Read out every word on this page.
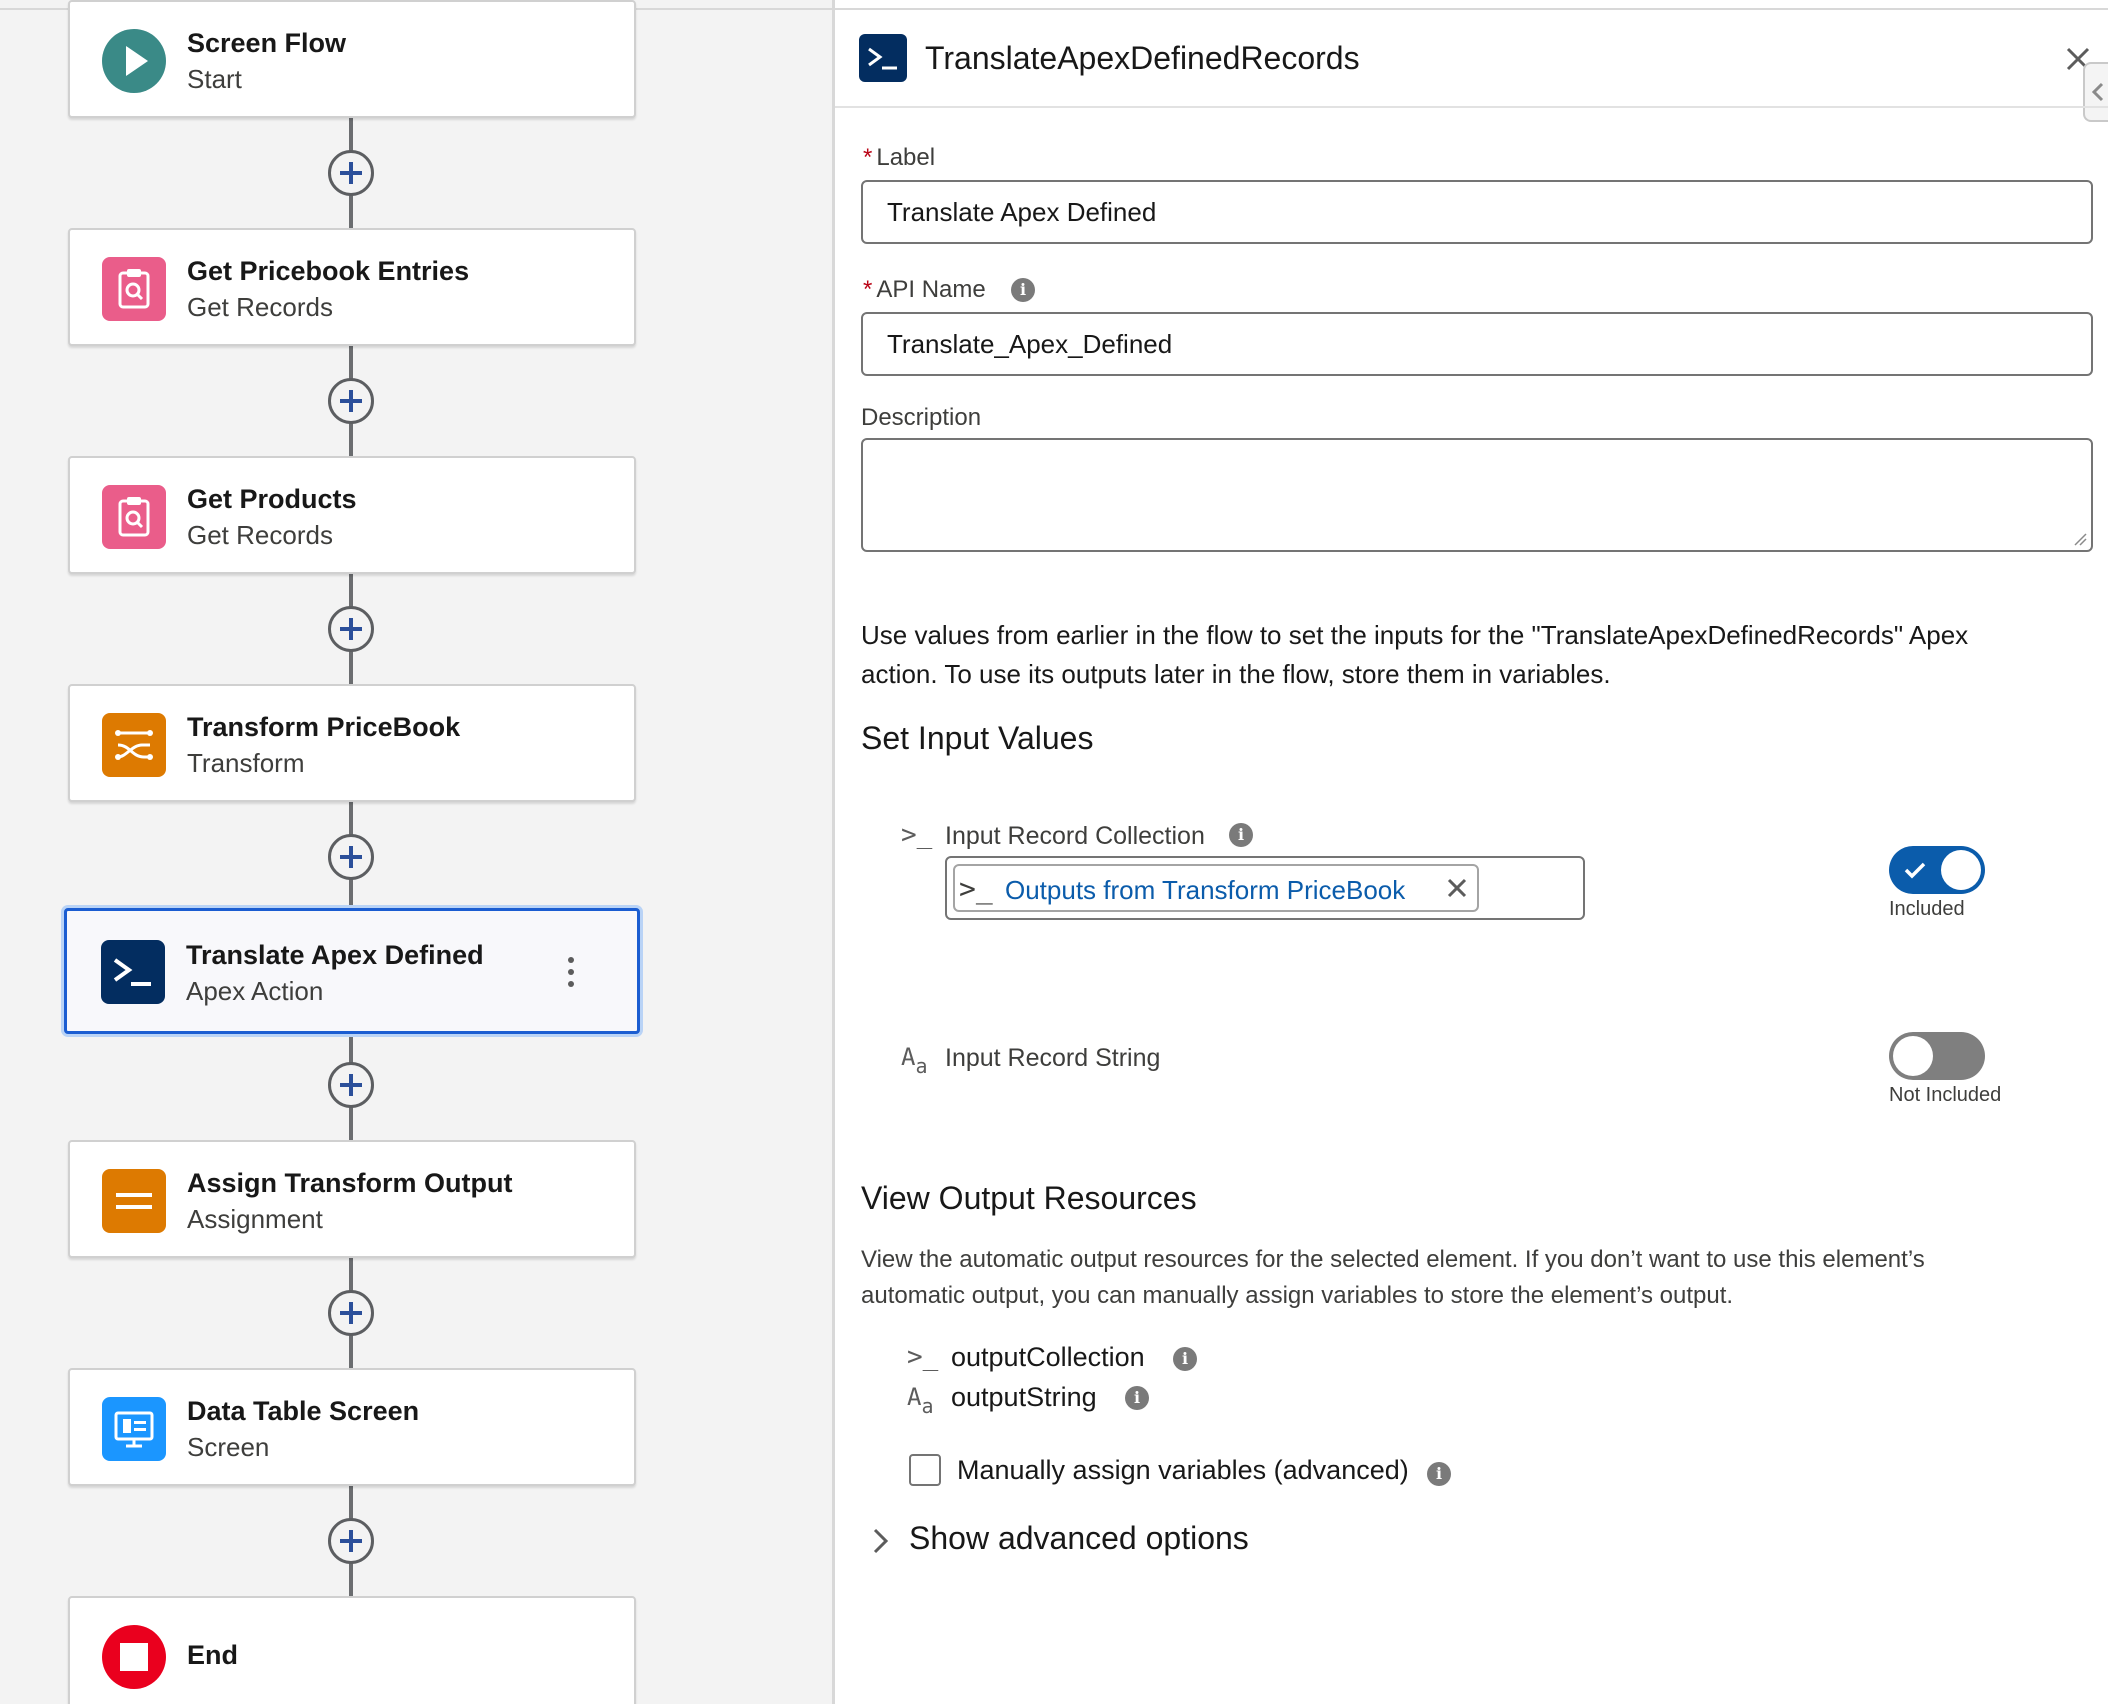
Screen Flow
Start
Get Pricebook Entries
Get Records
Get Products
Get Records
Transform PriceBook
Transform
Translate Apex Defined
Apex Action
Assign Transform Output
Assignment
Data Table Screen
Screen
End
TranslateApexDefinedRecords
* Label
Translate Apex Defined
* API Name	i
Translate_Apex_Defined
Description
Use values from earlier in the flow to set the inputs for the "TranslateApexDefinedRecords" Apex
action. To use its outputs later in the flow, store them in variables.
Set Input Values
>_ Input Record Collection	i
>_ Outputs from Transform PriceBook
Included
$A_a$ Input Record String
Not Included
View Output Resources
View the automatic output resources for the selected element. If you don’t want to use this element’s
automatic output, you can manually assign variables to store the element’s output.
>_ outputCollection	i
$A_a$ outputString	i
Manually assign variables (advanced)	i
Show advanced options
